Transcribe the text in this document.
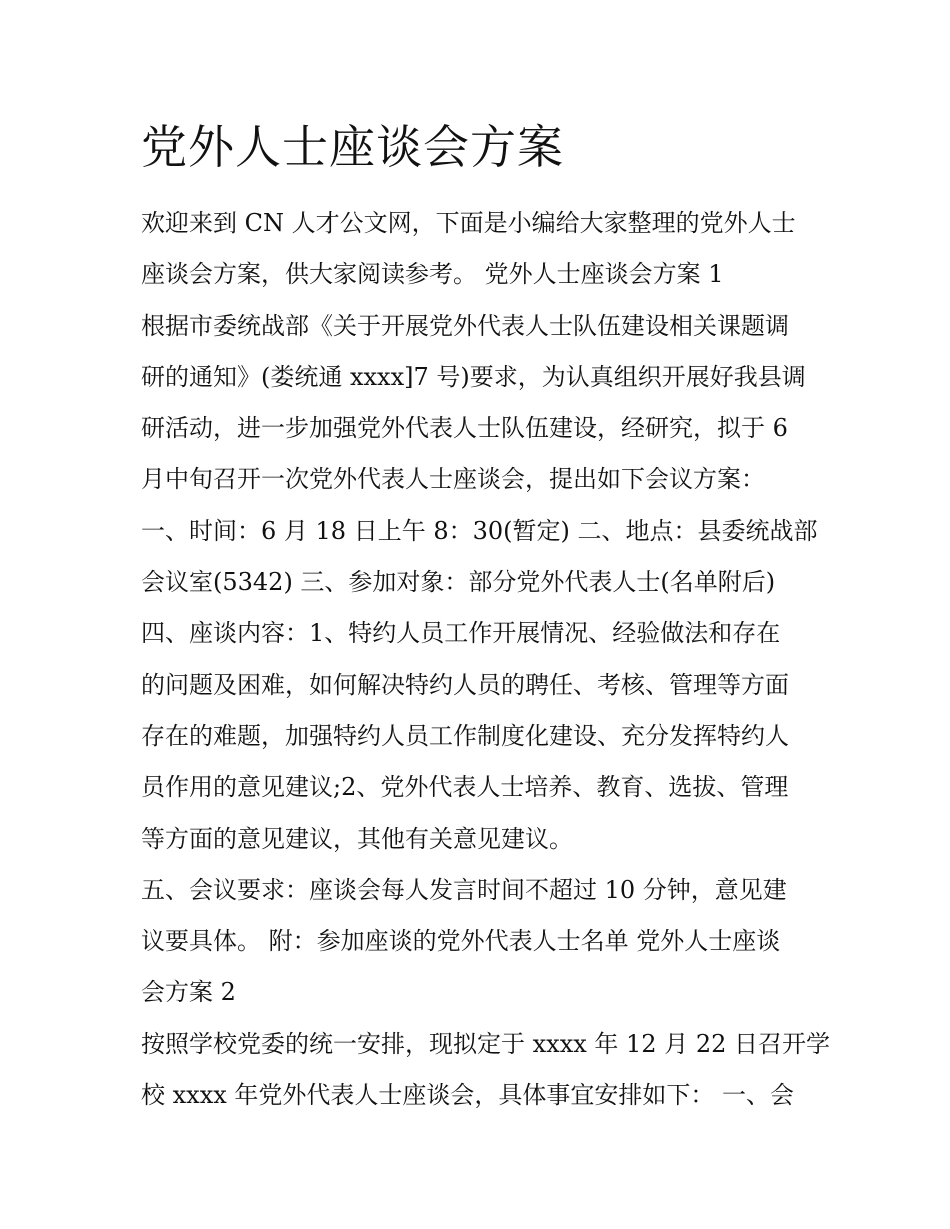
党外人士座谈会方案
欢迎来到 CN 人才公文网，下面是小编给大家整理的党外人士
座谈会方案，供大家阅读参考。 党外人士座谈会方案 1
根据市委统战部《关于开展党外代表人士队伍建设相关课题调
研的通知》(娄统通 xxxx]7 号)要求，为认真组织开展好我县调
研活动，进一步加强党外代表人士队伍建设，经研究，拟于 6
月中旬召开一次党外代表人士座谈会，提出如下会议方案：
一、时间：6 月 18 日上午 8：30(暂定) 二、地点：县委统战部
会议室(5342) 三、参加对象：部分党外代表人士(名单附后)
四、座谈内容：1、特约人员工作开展情况、经验做法和存在
的问题及困难，如何解决特约人员的聘任、考核、管理等方面
存在的难题，加强特约人员工作制度化建设、充分发挥特约人
员作用的意见建议;2、党外代表人士培养、教育、选拔、管理
等方面的意见建议，其他有关意见建议。
五、会议要求：座谈会每人发言时间不超过 10 分钟，意见建
议要具体。 附：参加座谈的党外代表人士名单 党外人士座谈
会方案 2
按照学校党委的统一安排，现拟定于 xxxx 年 12 月 22 日召开学
校 xxxx 年党外代表人士座谈会，具体事宜安排如下： 一、会
